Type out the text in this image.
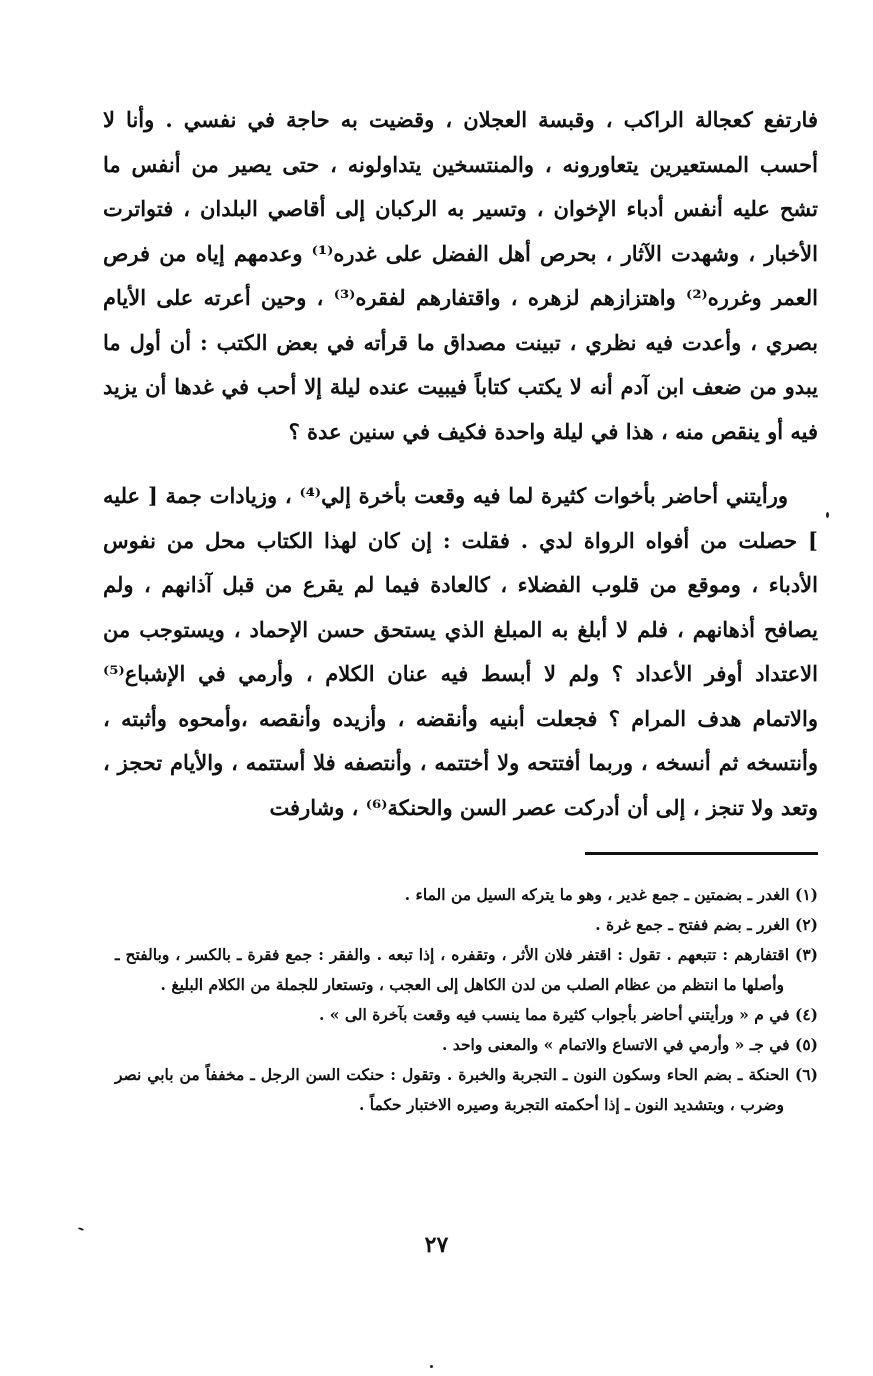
فارتفع كعجالة الراكب ، وقبسة العجلان ، وقضيت به حاجة في نفسي . وأنا لا أحسب المستعيرين يتعاورونه ، والمنتسخين يتداولونه ، حتى يصير من أنفس ما تشح عليه أنفس أدباء الإخوان ، وتسير به الركبان إلى أقاصي البلدان ، فتواترت الأخبار ، وشهدت الآثار ، بحرص أهل الفضل على غدره⁽¹⁾ وعدمهم إياه من فرص العمر وغرره⁽²⁾ واهتزازهم لزهره ، واقتفارهم لفقره⁽³⁾ ، وحين أعرته على الأيام بصري ، وأعدت فيه نظري ، تبينت مصداق ما قرأته في بعض الكتب : أن أول ما يبدو من ضعف ابن آدم أنه لا يكتب كتاباً فيبيت عنده ليلة إلا أحب في غدها أن يزيد فيه أو ينقص منه ، هذا في ليلة واحدة فكيف في سنين عدة ؟

ورأيتني أحاضر بأخوات كثيرة لما فيه وقعت بأخرة إلي⁽⁴⁾ ، وزيادات جمة [ عليه ] حصلت من أفواه الرواة لدي . فقلت : إن كان لهذا الكتاب محل من نفوس الأدباء ، وموقع من قلوب الفضلاء ، كالعادة فيما لم يقرع من قبل آذانهم ، ولم يصافح أذهانهم ، فلم لا أبلغ به المبلغ الذي يستحق حسن الإحماد ، ويستوجب من الاعتداد أوفر الأعداد ؟ ولم لا أبسط فيه عنان الكلام ، وأرمي في الإشباع⁽⁵⁾ والاتمام هدف المرام ؟ فجعلت أبنيه وأنقضه ، وأزيده وأنقصه ،وأمحوه وأثبته ، وأنتسخه ثم أنسخه ، وربما أفتتحه ولا أختتمه ، وأنتصفه فلا أستتمه ، والأيام تحجز ، وتعد ولا تنجز ، إلى أن أدركت عصر السن والحنكة⁽⁶⁾ ، وشارفت

(١) الغدر ـ بضمتين ـ جمع غدير ، وهو ما يتركه السيل من الماء .

(٢) الغرر ـ بضم ففتح ـ جمع غرة .

(٣) اقتفارهم : تتبعهم . تقول : اقتفر فلان الأثر ، وتقفره ، إذا تبعه . والفقر : جمع فقرة ـ بالكسر ، وبالفتح ـ وأصلها ما انتظم من عظام الصلب من لدن الكاهل إلى العجب ، وتستعار للجملة من الكلام البليغ .

(٤) في م « ورأيتني أحاضر بأجواب كثيرة مما ينسب فيه وقعت بآخرة الى » .

(٥) في جـ « وأرمي في الاتساع والاتمام » والمعنى واحد .

(٦) الحنكة ـ بضم الحاء وسكون النون ـ التجربة والخبرة . وتقول : حنكت السن الرجل ـ مخففاً من بابي نصر وضرب ، وبتشديد النون ـ إذا أحكمته التجربة وصيره الاختبار حكماً .

٢٧
